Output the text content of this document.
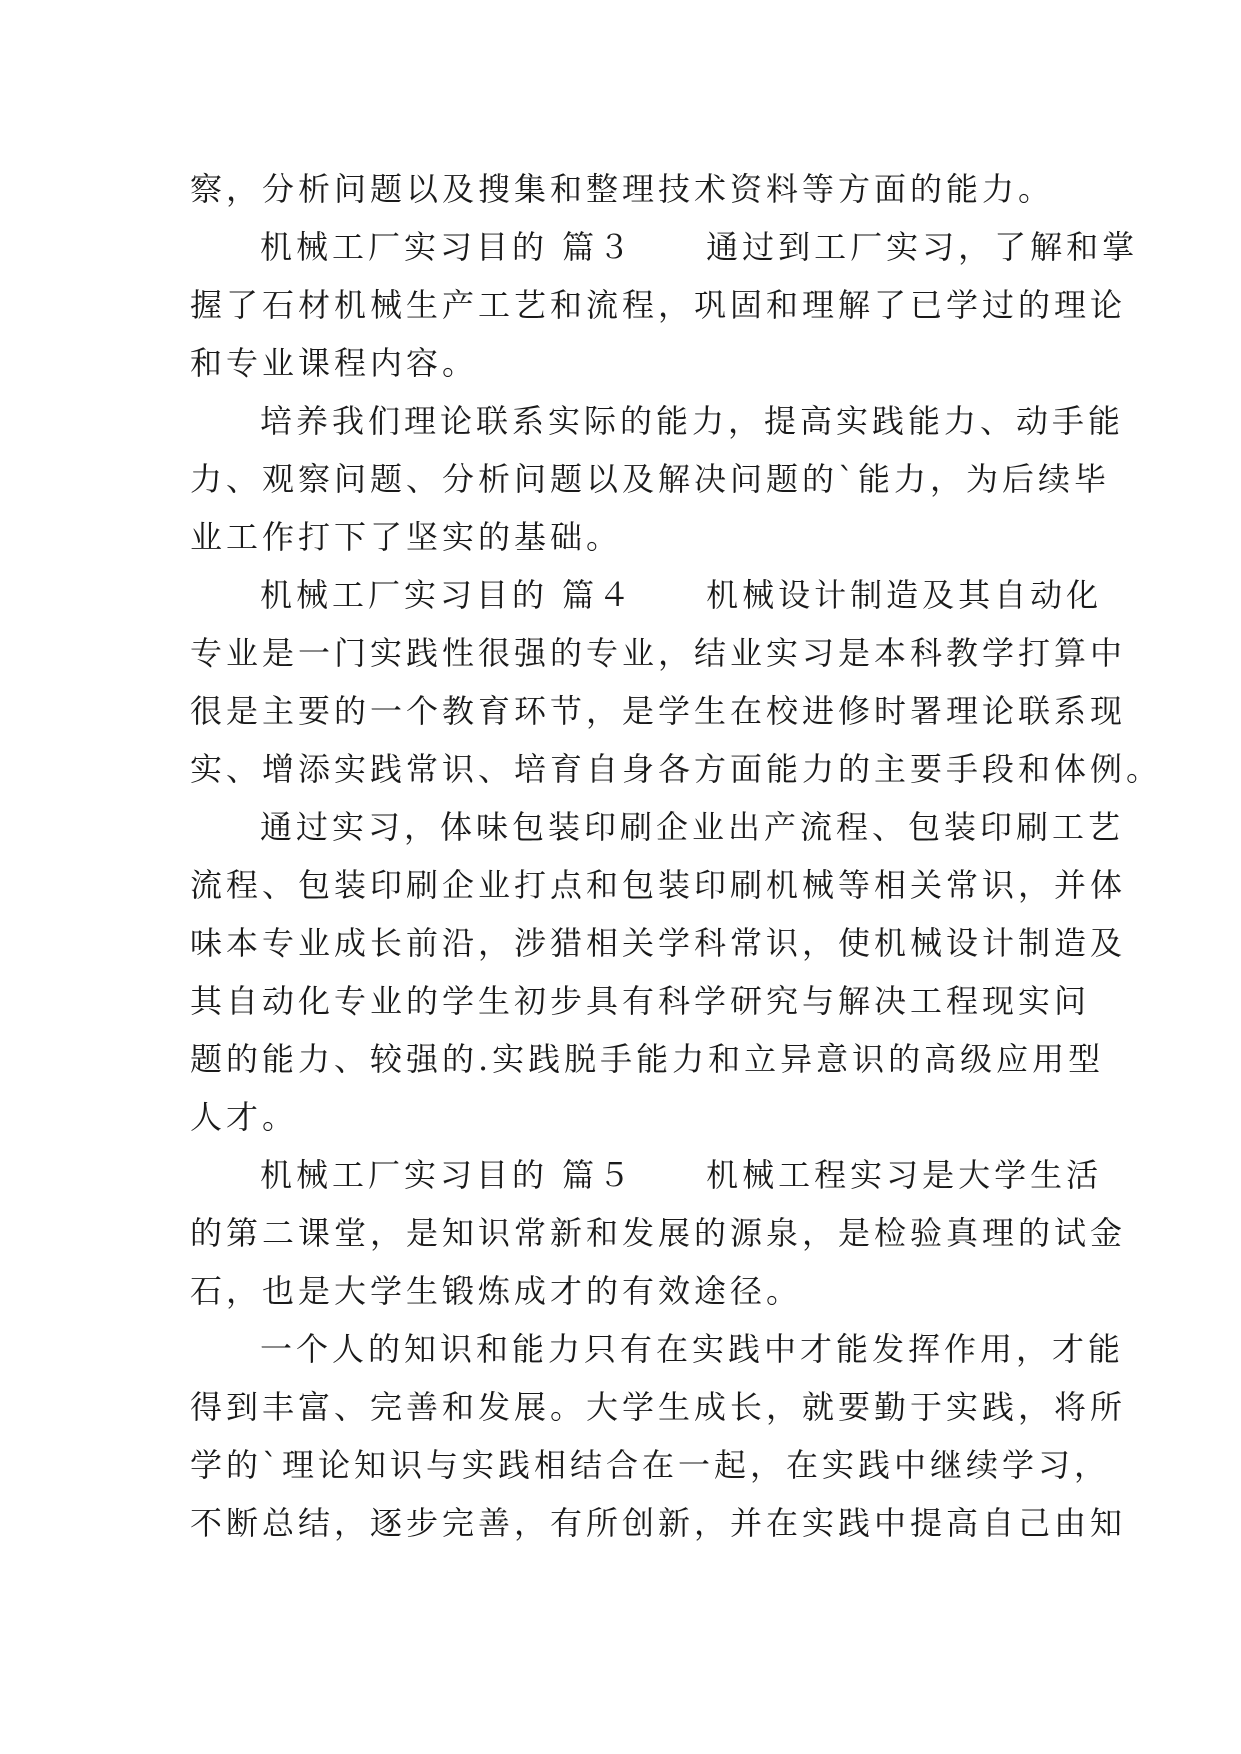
察，分析问题以及搜集和整理技术资料等方面的能力。
机械工厂实习目的 篇３　　通过到工厂实习，了解和掌
握了石材机械生产工艺和流程，巩固和理解了已学过的理论
和专业课程内容。
培养我们理论联系实际的能力，提高实践能力、动手能
力、观察问题、分析问题以及解决问题的`能力，为后续毕
业工作打下了坚实的基础。
机械工厂实习目的 篇４　　机械设计制造及其自动化
专业是一门实践性很强的专业，结业实习是本科教学打算中
很是主要的一个教育环节，是学生在校进修时署理论联系现
实、增添实践常识、培育自身各方面能力的主要手段和体例。
通过实习，体味包装印刷企业出产流程、包装印刷工艺
流程、包装印刷企业打点和包装印刷机械等相关常识，并体
味本专业成长前沿，涉猎相关学科常识，使机械设计制造及
其自动化专业的学生初步具有科学研究与解决工程现实问
题的能力、较强的.实践脱手能力和立异意识的高级应用型
人才。
机械工厂实习目的 篇５　　机械工程实习是大学生活
的第二课堂，是知识常新和发展的源泉，是检验真理的试金
石，也是大学生锻炼成才的有效途径。
一个人的知识和能力只有在实践中才能发挥作用，才能
得到丰富、完善和发展。大学生成长，就要勤于实践，将所
学的`理论知识与实践相结合在一起，在实践中继续学习，
不断总结，逐步完善，有所创新，并在实践中提高自己由知
